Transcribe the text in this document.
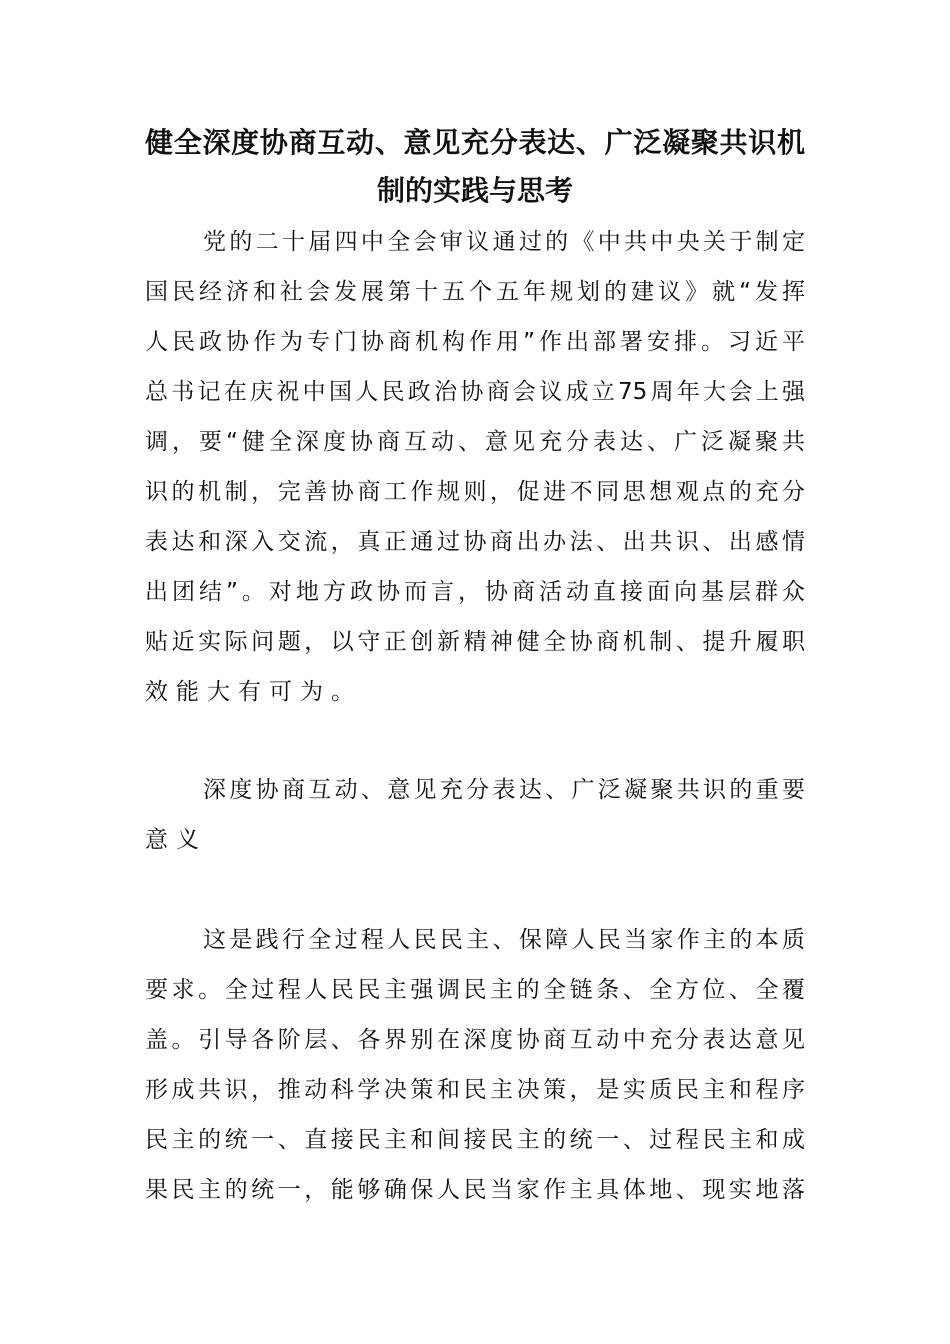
健全深度协商互动、意见充分表达、广泛凝聚共识机
制的实践与思考
党的二十届四中全会审议通过的《中共中央关于制定
国民经济和社会发展第十五个五年规划的建议》就“发挥
人民政协作为专门协商机构作用”作出部署安排。习近平
总书记在庆祝中国人民政治协商会议成立75周年大会上强
调，要“健全深度协商互动、意见充分表达、广泛凝聚共
识的机制，完善协商工作规则，促进不同思想观点的充分
表达和深入交流，真正通过协商出办法、出共识、出感情
出团结”。对地方政协而言，协商活动直接面向基层群众
贴近实际问题，以守正创新精神健全协商机制、提升履职
效能大有可为。
深度协商互动、意见充分表达、广泛凝聚共识的重要
意义
这是践行全过程人民民主、保障人民当家作主的本质
要求。全过程人民民主强调民主的全链条、全方位、全覆
盖。引导各阶层、各界别在深度协商互动中充分表达意见
形成共识，推动科学决策和民主决策，是实质民主和程序
民主的统一、直接民主和间接民主的统一、过程民主和成
果民主的统一，能够确保人民当家作主具体地、现实地落
